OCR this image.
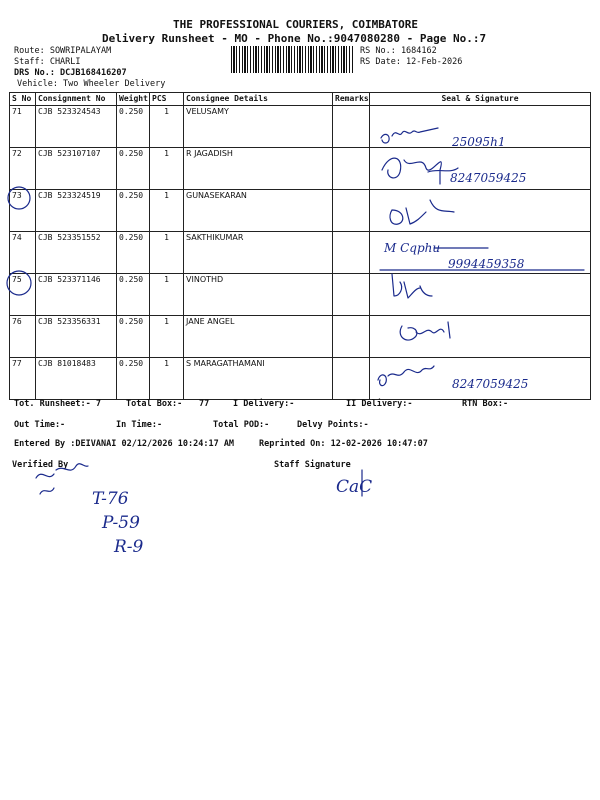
THE PROFESSIONAL COURIERS, COIMBATORE
Delivery Runsheet - MO - Phone No.:9047080280 - Page No.:7
Route: SOWRIPALAYAM
Staff: CHARLI
DRS No.: DCJB168416207
Vehicle: Two Wheeler Delivery
RS No.: 1684162
RS Date: 12-Feb-2026
S No	Consignment No	Weight	PCS	Consignee Details	Remarks	Seal & Signature
71	CJB 523324543	0.250	1	VELUSAMY		
72	CJB 523107107	0.250	1	R JAGADISH		
73	CJB 523324519	0.250	1	GUNASEKARAN		
74	CJB 523351552	0.250	1	SAKTHIKUMAR		
75	CJB 523371146	0.250	1	VINOTHD		
76	CJB 523356331	0.250	1	JANE ANGEL		
77	CJB 81018483	0.250	1	S MARAGATHAMANI		
Tot. Runsheet:- 7	Total Box:- 77	I Delivery:-	II Delivery:-	RTN Box:-
Out Time:-	In Time:-	Total POD:-	Delvy Points:-
Entered By :DEIVANAI 02/12/2026 10:24:17 AM	Reprinted On: 12-02-2026 10:47:07
Verified By	Staff Signature
25095h1
8247059425
M Cqphu
9994459358
8247059425
T-76
P-59
R-9
CaC
